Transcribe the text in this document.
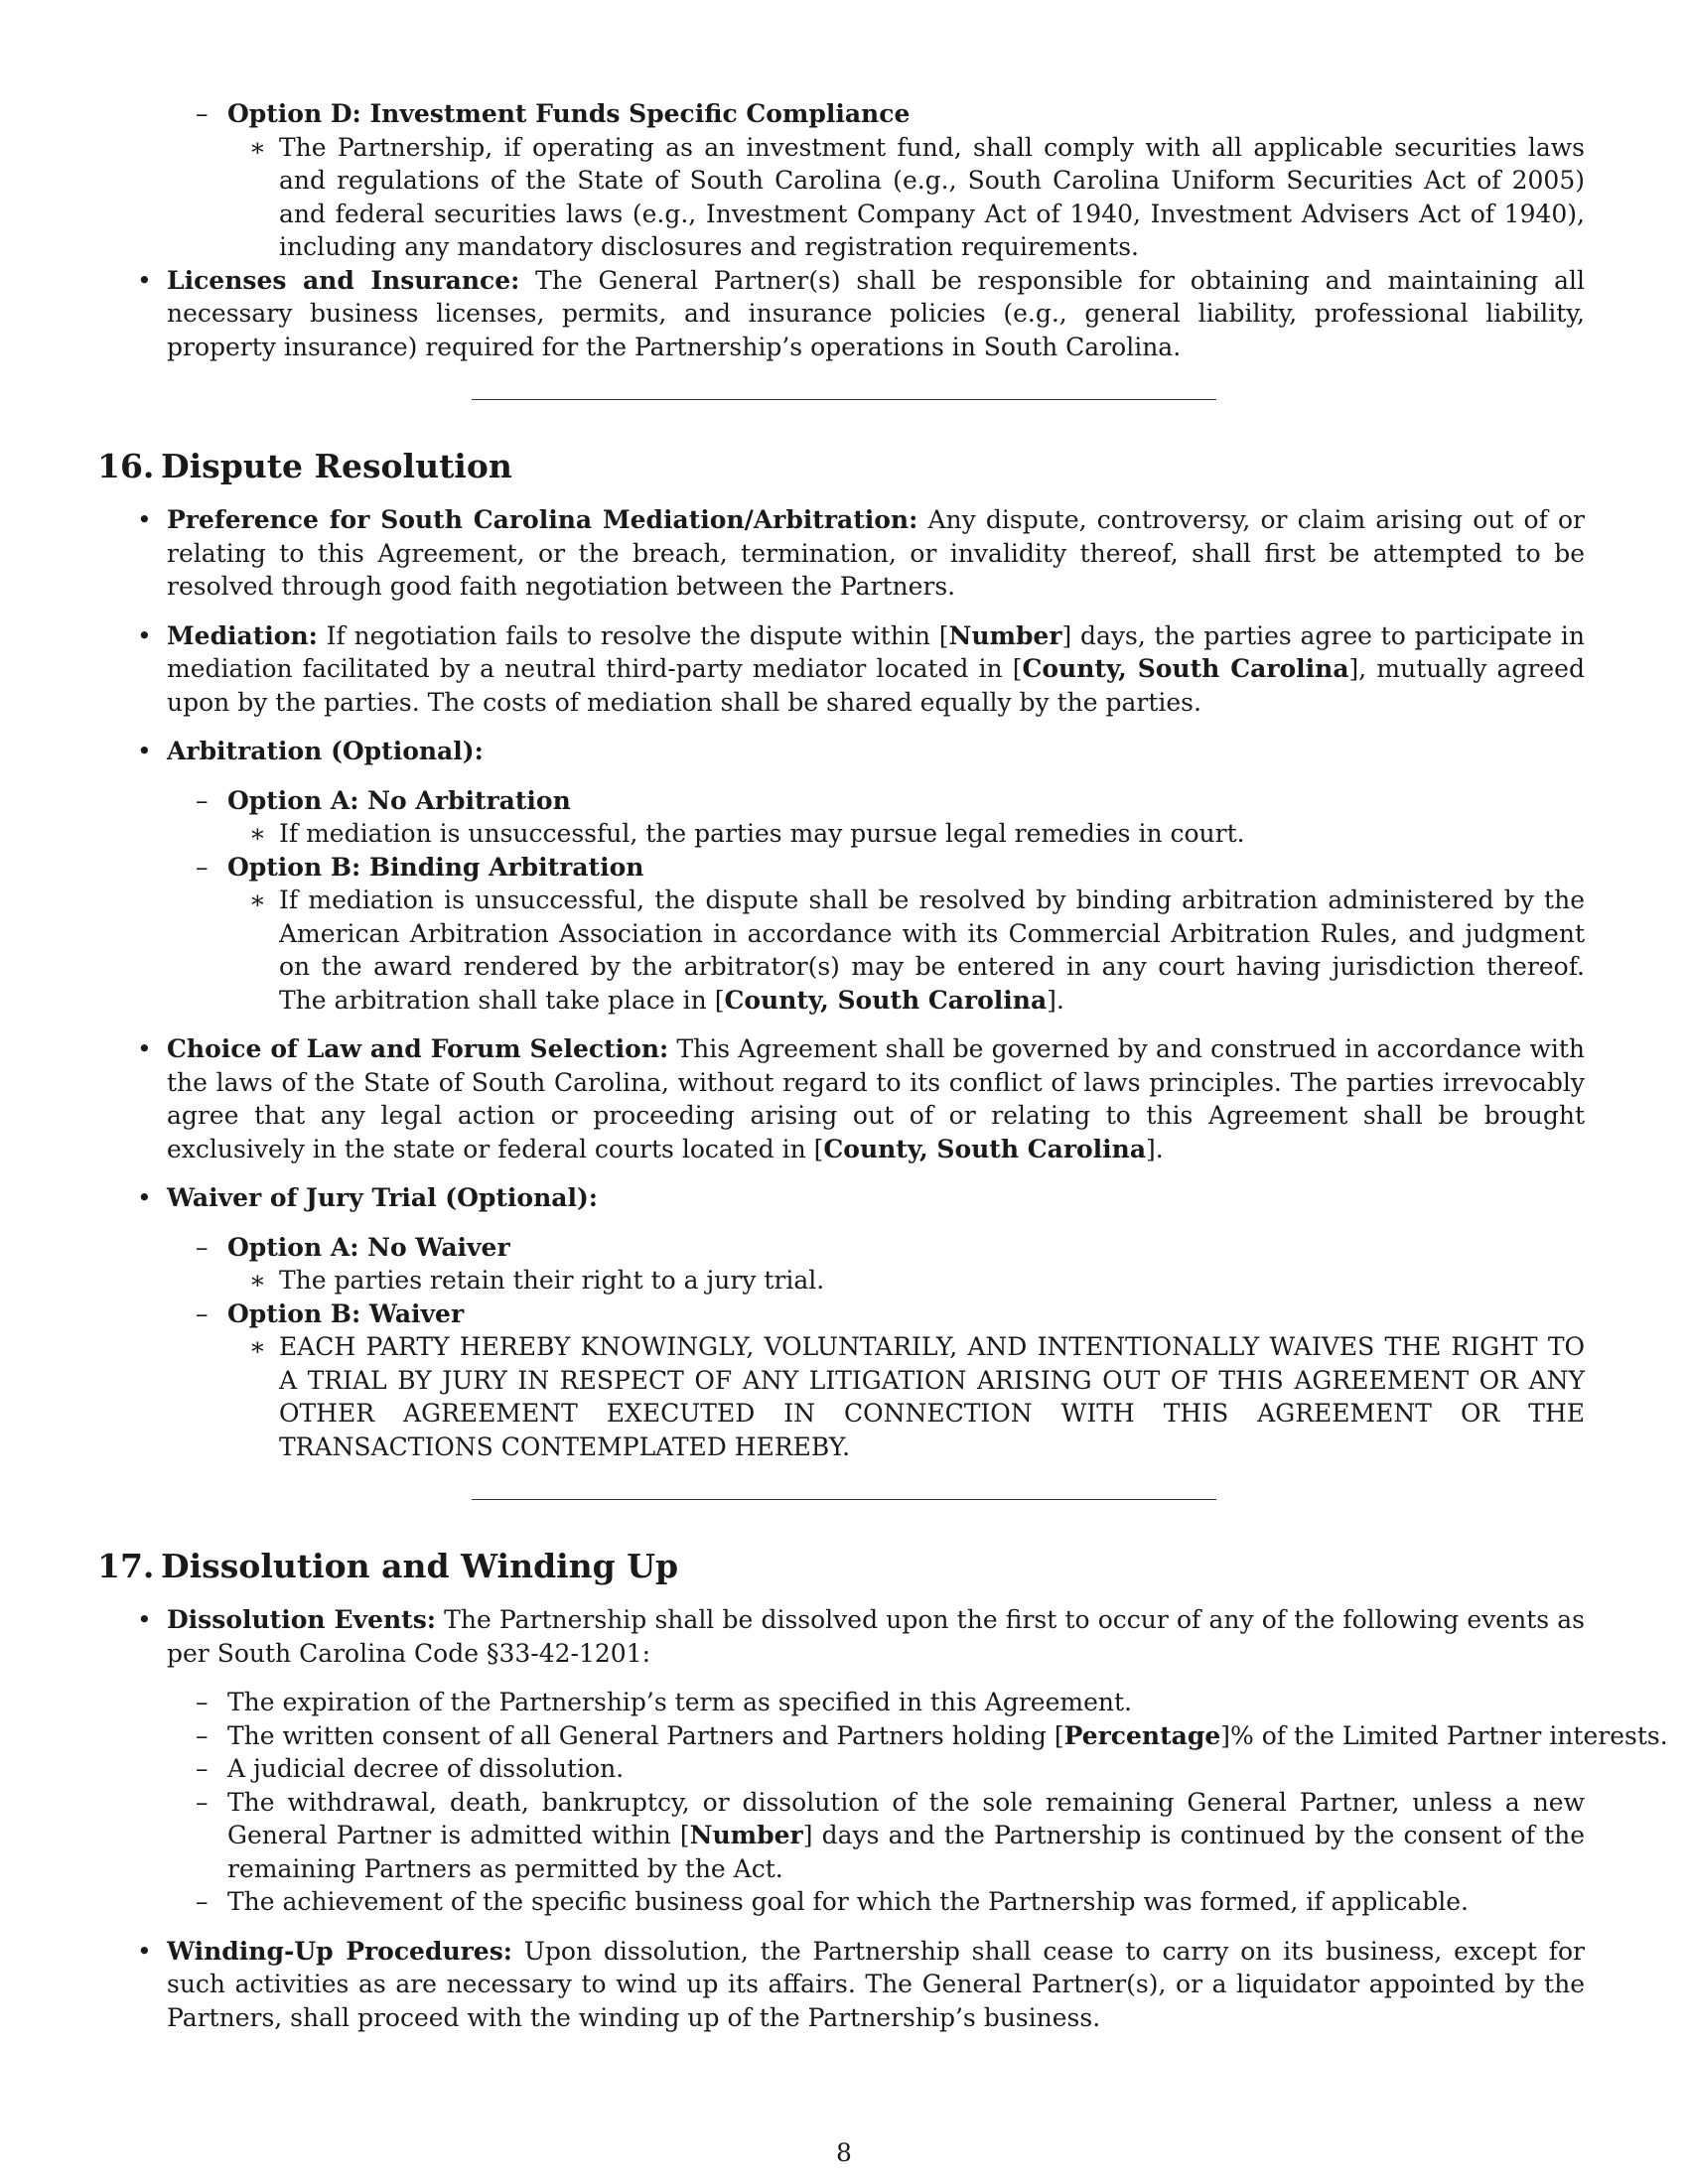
– Option D: Investment Funds Specific Compliance
∗ The Partnership, if operating as an investment fund, shall comply with all applicable securities laws and regulations of the State of South Carolina (e.g., South Carolina Uniform Securities Act of 2005) and federal securities laws (e.g., Investment Company Act of 1940, Investment Advisers Act of 1940), including any mandatory disclosures and registration requirements.
• Licenses and Insurance: The General Partner(s) shall be responsible for obtaining and maintaining all necessary business licenses, permits, and insurance policies (e.g., general liability, professional liability, property insurance) required for the Partnership’s operations in South Carolina.
16. Dispute Resolution
• Preference for South Carolina Mediation/Arbitration: Any dispute, controversy, or claim arising out of or relating to this Agreement, or the breach, termination, or invalidity thereof, shall first be attempted to be resolved through good faith negotiation between the Partners.
• Mediation: If negotiation fails to resolve the dispute within [Number] days, the parties agree to participate in mediation facilitated by a neutral third-party mediator located in [County, South Carolina], mutually agreed upon by the parties. The costs of mediation shall be shared equally by the parties.
• Arbitration (Optional):
– Option A: No Arbitration
∗ If mediation is unsuccessful, the parties may pursue legal remedies in court.
– Option B: Binding Arbitration
∗ If mediation is unsuccessful, the dispute shall be resolved by binding arbitration administered by the American Arbitration Association in accordance with its Commercial Arbitration Rules, and judgment on the award rendered by the arbitrator(s) may be entered in any court having jurisdiction thereof. The arbitration shall take place in [County, South Carolina].
• Choice of Law and Forum Selection: This Agreement shall be governed by and construed in accordance with the laws of the State of South Carolina, without regard to its conflict of laws principles. The parties irrevocably agree that any legal action or proceeding arising out of or relating to this Agreement shall be brought exclusively in the state or federal courts located in [County, South Carolina].
• Waiver of Jury Trial (Optional):
– Option A: No Waiver
∗ The parties retain their right to a jury trial.
– Option B: Waiver
∗ EACH PARTY HEREBY KNOWINGLY, VOLUNTARILY, AND INTENTIONALLY WAIVES THE RIGHT TO A TRIAL BY JURY IN RESPECT OF ANY LITIGATION ARISING OUT OF THIS AGREEMENT OR ANY OTHER AGREEMENT EXECUTED IN CONNECTION WITH THIS AGREEMENT OR THE TRANSACTIONS CONTEMPLATED HEREBY.
17. Dissolution and Winding Up
• Dissolution Events: The Partnership shall be dissolved upon the first to occur of any of the following events as per South Carolina Code §33-42-1201:
– The expiration of the Partnership’s term as specified in this Agreement.
– The written consent of all General Partners and Partners holding [Percentage]% of the Limited Partner interests.
– A judicial decree of dissolution.
– The withdrawal, death, bankruptcy, or dissolution of the sole remaining General Partner, unless a new General Partner is admitted within [Number] days and the Partnership is continued by the consent of the remaining Partners as permitted by the Act.
– The achievement of the specific business goal for which the Partnership was formed, if applicable.
• Winding-Up Procedures: Upon dissolution, the Partnership shall cease to carry on its business, except for such activities as are necessary to wind up its affairs. The General Partner(s), or a liquidator appointed by the Partners, shall proceed with the winding up of the Partnership’s business.
8
